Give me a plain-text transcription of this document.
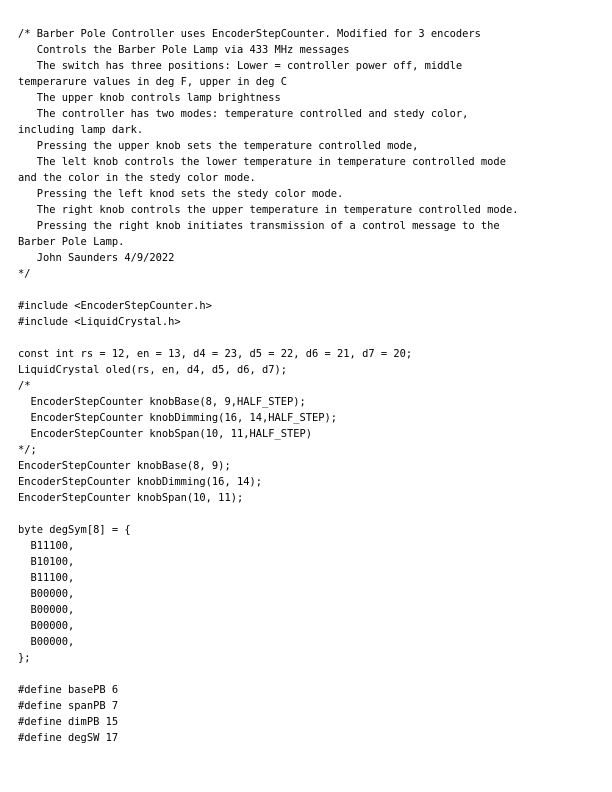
/* Barber Pole Controller uses EncoderStepCounter. Modified for 3 encoders
Controls the Barber Pole Lamp via 433 MHz messages
The switch has three positions: Lower = controller power off, middle
temperarure values in deg F, upper in deg C
The upper knob controls lamp brightness
The controller has two modes: temperature controlled and stedy color,
including lamp dark.
Pressing the upper knob sets the temperature controlled mode,
The lelt knob controls the lower temperature in temperature controlled mode
and the color in the stedy color mode.
Pressing the left knod sets the stedy color mode.
The right knob controls the upper temperature in temperature controlled mode.
Pressing the right knob initiates transmission of a control message to the
Barber Pole Lamp.
John Saunders 4/9/2022
*/

#include <EncoderStepCounter.h>
#include <LiquidCrystal.h>

const int rs = 12, en = 13, d4 = 23, d5 = 22, d6 = 21, d7 = 20;
LiquidCrystal oled(rs, en, d4, d5, d6, d7);
/*
EncoderStepCounter knobBase(8, 9,HALF_STEP);
EncoderStepCounter knobDimming(16, 14,HALF_STEP);
EncoderStepCounter knobSpan(10, 11,HALF_STEP)
*/;
EncoderStepCounter knobBase(8, 9);
EncoderStepCounter knobDimming(16, 14);
EncoderStepCounter knobSpan(10, 11);

byte degSym[8] = {
B11100,
B10100,
B11100,
B00000,
B00000,
B00000,
B00000,
};

#define basePB 6
#define spanPB 7
#define dimPB 15
#define degSW 17
